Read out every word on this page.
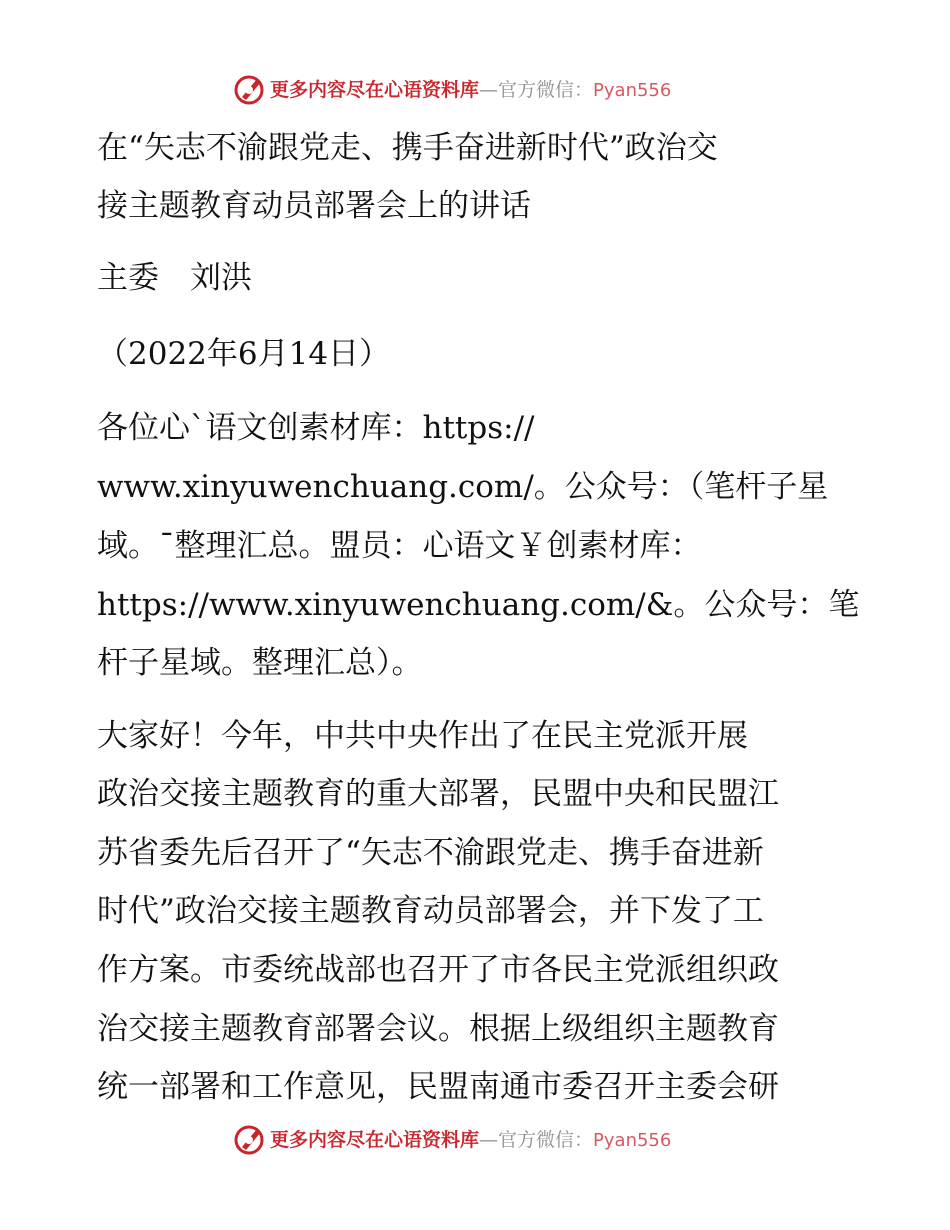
更多内容尽在心语资料库—官方微信：Pyan556
在“矢志不渝跟党走、携手奋进新时代”政治交
接主题教育动员部署会上的讲话
主委　刘洪
（2022年6月14日）
各位心`语文创素材库：https://
www.xinyuwenchuang.com/。公众号：（笔杆子星
域。¯整理汇总。盟员：心语文￥创素材库：
https://www.xinyuwenchuang.com/&。公众号：笔
杆子星域。整理汇总）。
大家好！今年，中共中央作出了在民主党派开展
政治交接主题教育的重大部署，民盟中央和民盟江
苏省委先后召开了“矢志不渝跟党走、携手奋进新
时代”政治交接主题教育动员部署会，并下发了工
作方案。市委统战部也召开了市各民主党派组织政
治交接主题教育部署会议。根据上级组织主题教育
统一部署和工作意见，民盟南通市委召开主委会研
更多内容尽在心语资料库—官方微信：Pyan556
